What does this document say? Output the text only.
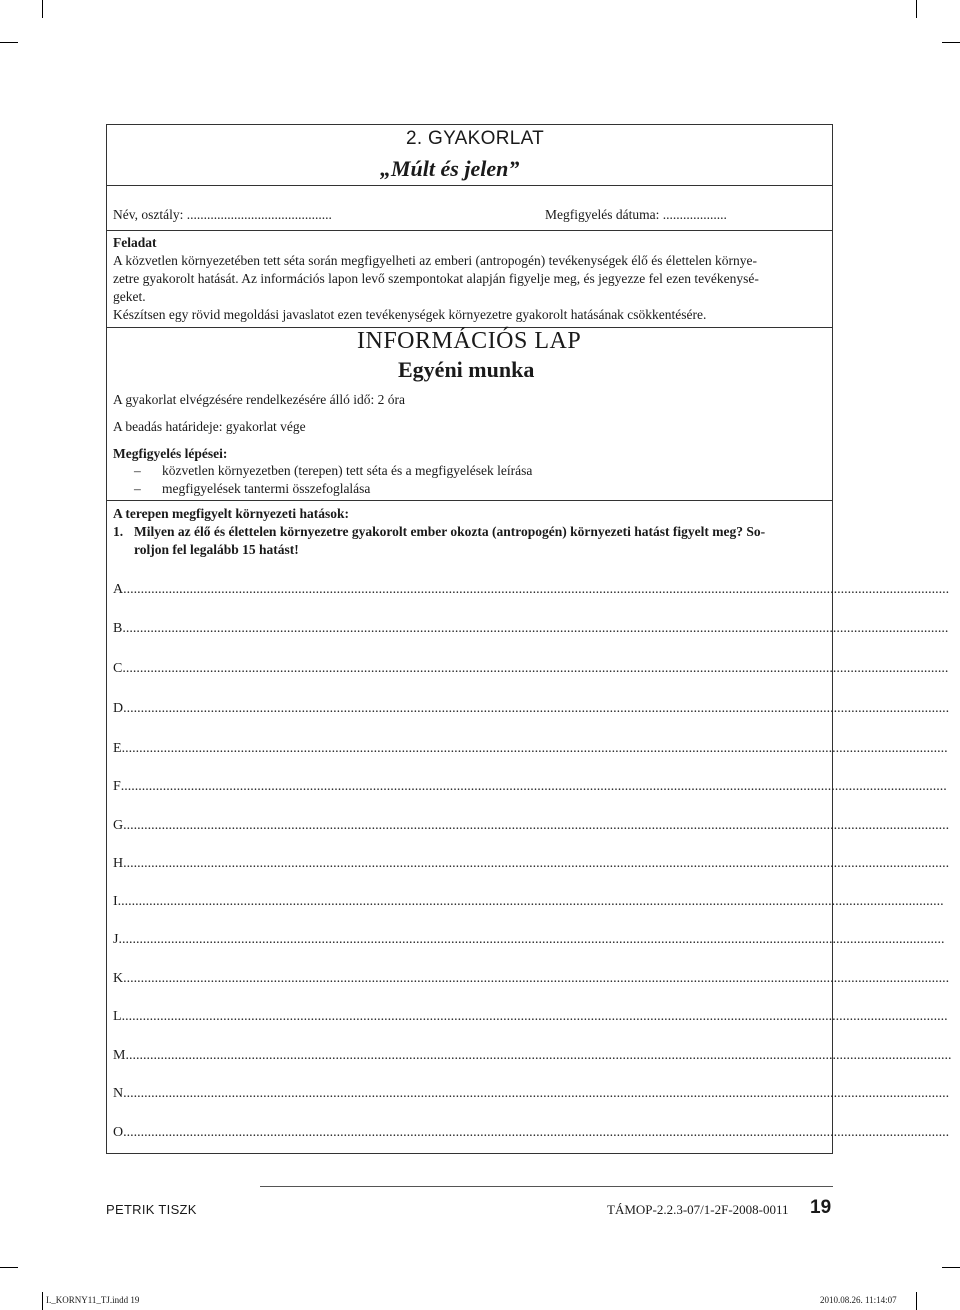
2. GYAKORLAT
„Múlt és jelen”
Név, osztály: ...........................................	Megfigyelés dátuma: ...................
Feladat
A közvetlen környezetében tett séta során megfigyelheti az emberi (antropogén) tevékenységek élő és élettelen környe-
zetre gyakorolt hatását. Az információs lapon levő szempontokat alapján figyelje meg, és jegyezze fel ezen tevékenysé-
geket.
Készítsen egy rövid megoldási javaslatot ezen tevékenységek környezetre gyakorolt hatásának csökkentésére.
INFORMÁCIÓS LAP
Egyéni munka
A gyakorlat elvégzésére rendelkezésére álló idő: 2 óra
A beadás határideje: gyakorlat vége
Megfigyelés lépései:
– közvetlen környezetben (terepen) tett séta és a megfigyelések leírása
– megfigyelések tantermi összefoglalása
A terepen megfigyelt környezeti hatások:
1. Milyen az élő és élettelen környezetre gyakorolt ember okozta (antropogén) környezeti hatást figyelt meg? So-
roljon fel legalább 15 hatást!
A............................................................................................................................................................................................................................................
B............................................................................................................................................................................................................................................
C............................................................................................................................................................................................................................................
D............................................................................................................................................................................................................................................
E............................................................................................................................................................................................................................................
F............................................................................................................................................................................................................................................
G............................................................................................................................................................................................................................................
H............................................................................................................................................................................................................................................
I............................................................................................................................................................................................................................................
J............................................................................................................................................................................................................................................
K............................................................................................................................................................................................................................................
L............................................................................................................................................................................................................................................
M............................................................................................................................................................................................................................................
N............................................................................................................................................................................................................................................
O............................................................................................................................................................................................................................................
PETRIK TISZK	TÁMOP-2.2.3-07/1-2F-2008-0011 19
I._KORNY11_TJ.indd 19	2010.08.26. 11:14:07
